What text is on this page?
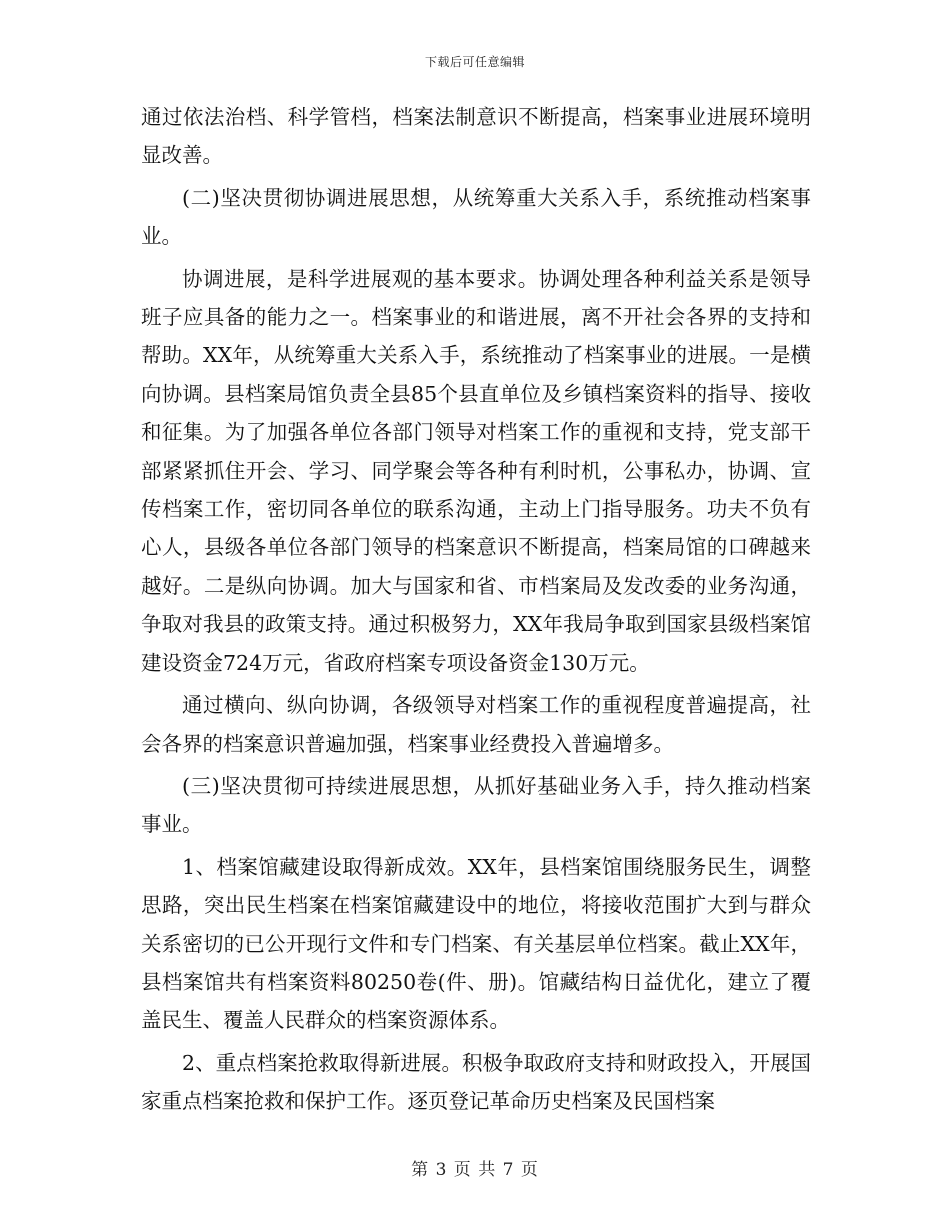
下载后可任意编辑

通过依法治档、科学管档，档案法制意识不断提高，档案事业进展环境明显改善。

(二)坚决贯彻协调进展思想，从统筹重大关系入手，系统推动档案事业。

协调进展，是科学进展观的基本要求。协调处理各种利益关系是领导班子应具备的能力之一。档案事业的和谐进展，离不开社会各界的支持和帮助。XX年，从统筹重大关系入手，系统推动了档案事业的进展。一是横向协调。县档案局馆负责全县85个县直单位及乡镇档案资料的指导、接收和征集。为了加强各单位各部门领导对档案工作的重视和支持，党支部干部紧紧抓住开会、学习、同学聚会等各种有利时机，公事私办，协调、宣传档案工作，密切同各单位的联系沟通，主动上门指导服务。功夫不负有心人，县级各单位各部门领导的档案意识不断提高，档案局馆的口碑越来越好。二是纵向协调。加大与国家和省、市档案局及发改委的业务沟通，争取对我县的政策支持。通过积极努力，XX年我局争取到国家县级档案馆建设资金724万元，省政府档案专项设备资金130万元。

通过横向、纵向协调，各级领导对档案工作的重视程度普遍提高，社会各界的档案意识普遍加强，档案事业经费投入普遍增多。

(三)坚决贯彻可持续进展思想，从抓好基础业务入手，持久推动档案事业。

1、档案馆藏建设取得新成效。XX年，县档案馆围绕服务民生，调整思路，突出民生档案在档案馆藏建设中的地位，将接收范围扩大到与群众关系密切的已公开现行文件和专门档案、有关基层单位档案。截止XX年，县档案馆共有档案资料80250卷(件、册)。馆藏结构日益优化，建立了覆盖民生、覆盖人民群众的档案资源体系。

2、重点档案抢救取得新进展。积极争取政府支持和财政投入，开展国家重点档案抢救和保护工作。逐页登记革命历史档案及民国档案

第 3 页 共 7 页
